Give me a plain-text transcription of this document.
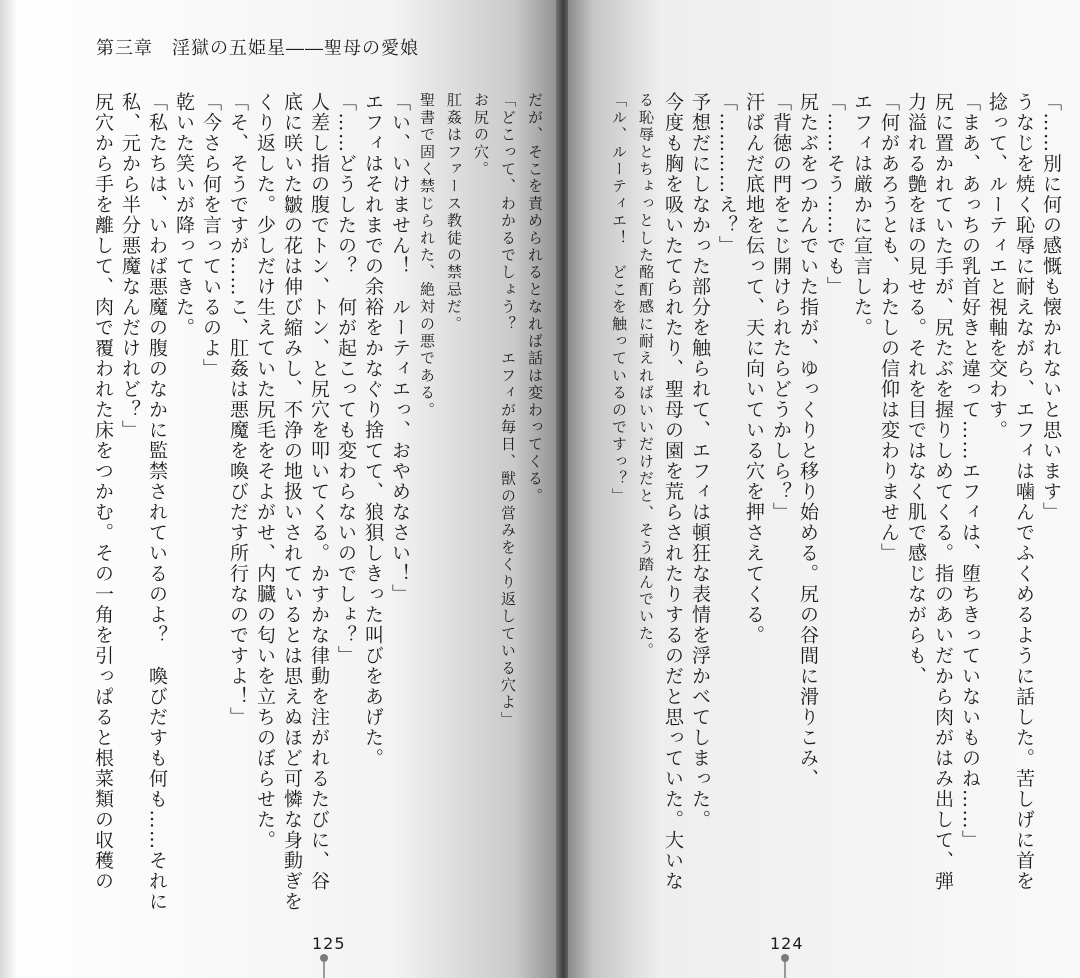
第三章　淫獄の五姫星――聖母の愛娘
だが、そこを責められるとなれば話は変わってくる。
「どこって、わかるでしょう？　エフィが毎日、獣の営みをくり返している穴よ」
お尻の穴。
肛姦はファース教徒の禁忌だ。
聖書で固く禁じられた、絶対の悪である。
「い、いけません！　ルーティエっ、おやめなさい！」
エフィはそれまでの余裕をかなぐり捨てて、狼狽しきった叫びをあげた。
「……どうしたの？　何が起こっても変わらないのでしょ？」
人差し指の腹でトン、トン、と尻穴を叩いてくる。かすかな律動を注がれるたびに、谷
底に咲いた皺の花は伸び縮みし、不浄の地扱いされているとは思えぬほど可憐な身動ぎを
くり返した。少しだけ生えていた尻毛をそよがせ、内臓の匂いを立ちのぼらせた。
「そ、そうですが……こ、肛姦は悪魔を喚びだす所行なのですよ！」
「今さら何を言っているのよ」
乾いた笑いが降ってきた。
「私たちは、いわば悪魔の腹のなかに監禁されているのよ？　喚びだすも何も……それに
私、元から半分悪魔なんだけれど？」
尻穴から手を離して、肉で覆われた床をつかむ。その一角を引っぱると根菜類の収穫の
125
「……別に何の感慨も懐かれないと思います」
うなじを焼く恥辱に耐えながら、エフィは噛んでふくめるように話した。苦しげに首を
捻って、ルーティエと視軸を交わす。
「まあ、あっちの乳首好きと違って……エフィは、堕ちきっていないものね……」
尻に置かれていた手が、尻たぶを握りしめてくる。指のあいだから肉がはみ出して、弾
力溢れる艶をほの見せる。それを目ではなく肌で感じながらも、
「何があろうとも、わたしの信仰は変わりません」
エフィは厳かに宣言した。
「……そう……でも」
尻たぶをつかんでいた指が、ゆっくりと移り始める。尻の谷間に滑りこみ、
「背徳の門をこじ開けられたらどうかしら？」
汗ばんだ底地を伝って、天に向いている穴を押さえてくる。
「…………え？」
予想だにしなかった部分を触られて、エフィは頓狂な表情を浮かべてしまった。
今度も胸を吸いたてられたり、聖母の園を荒らされたりするのだと思っていた。大いな
る恥辱とちょっとした酩酊感に耐えればいいだけだと、そう踏んでいた。
「ル、ルーティエ！　どこを触っているのですっ？」
124
